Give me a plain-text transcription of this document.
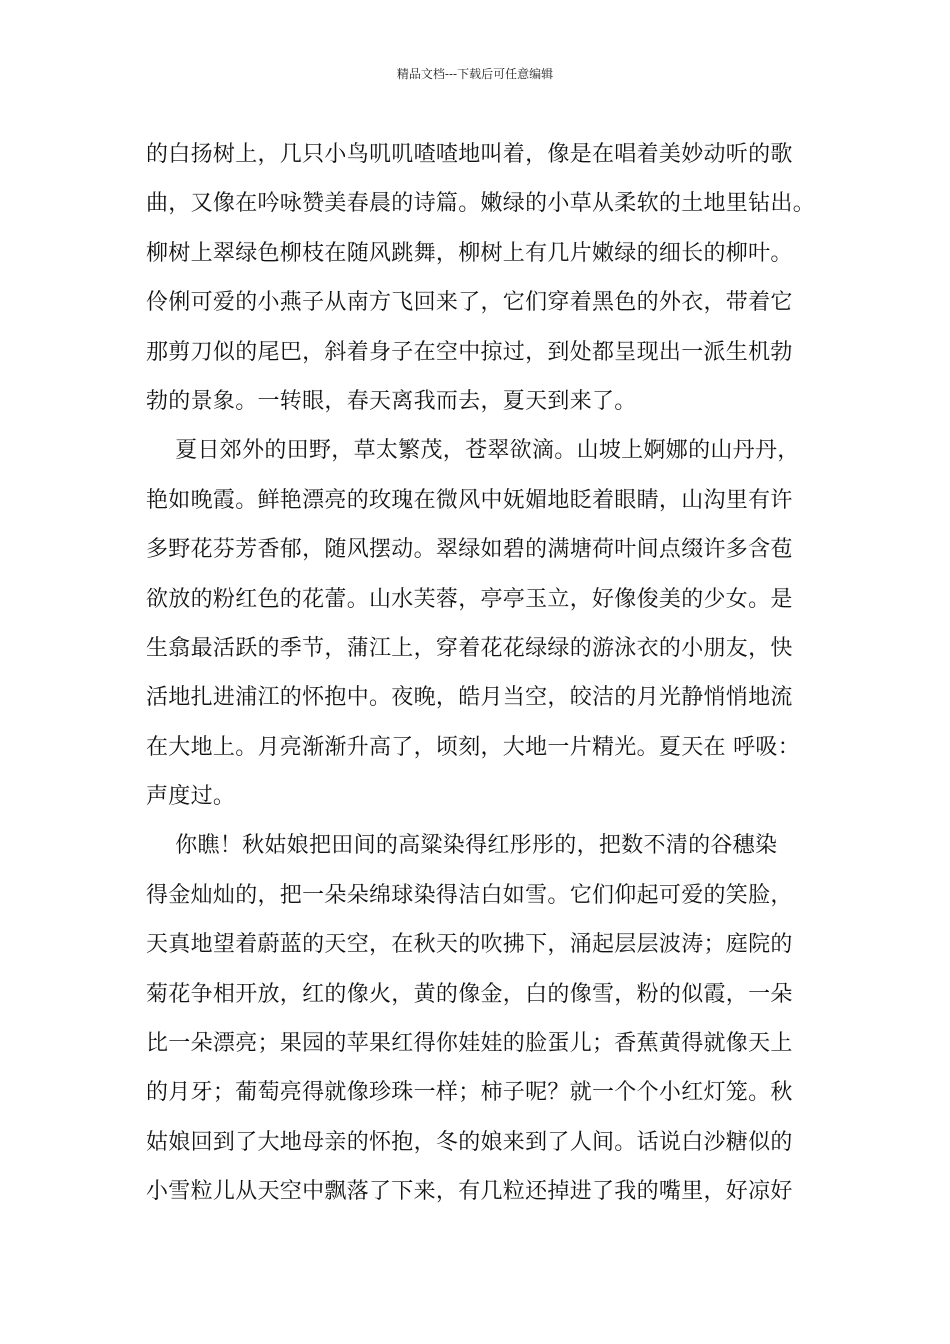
精品文档---下载后可任意编辑
的白扬树上，几只小鸟叽叽喳喳地叫着，像是在唱着美妙动听的歌
曲，又像在吟咏赞美春晨的诗篇。嫩绿的小草从柔软的土地里钻出。
柳树上翠绿色柳枝在随风跳舞，柳树上有几片嫩绿的细长的柳叶。
伶俐可爱的小燕子从南方飞回来了，它们穿着黑色的外衣，带着它
那剪刀似的尾巴，斜着身子在空中掠过，到处都呈现出一派生机勃
勃的景象。一转眼，春天离我而去，夏天到来了。
夏日郊外的田野，草太繁茂，苍翠欲滴。山坡上婀娜的山丹丹，
艳如晚霞。鲜艳漂亮的玫瑰在微风中妩媚地眨着眼睛，山沟里有许
多野花芬芳香郁，随风摆动。翠绿如碧的满塘荷叶间点缀许多含苞
欲放的粉红色的花蕾。山水芙蓉，亭亭玉立，好像俊美的少女。是
生翕最活跃的季节，蒲江上，穿着花花绿绿的游泳衣的小朋友，快
活地扎进浦江的怀抱中。夜晚，皓月当空，皎洁的月光静悄悄地流
在大地上。月亮渐渐升高了，顷刻，大地一片精光。夏天在 呼吸：
声度过。
你瞧！秋姑娘把田间的高粱染得红彤彤的，把数不清的谷穗染
得金灿灿的，把一朵朵绵球染得洁白如雪。它们仰起可爱的笑脸，
天真地望着蔚蓝的天空，在秋天的吹拂下，涌起层层波涛；庭院的
菊花争相开放，红的像火，黄的像金，白的像雪，粉的似霞，一朵
比一朵漂亮；果园的苹果红得你娃娃的脸蛋儿；香蕉黄得就像天上
的月牙；葡萄亮得就像珍珠一样；柿子呢？就一个个小红灯笼。秋
姑娘回到了大地母亲的怀抱，冬的娘来到了人间。话说白沙糖似的
小雪粒儿从天空中飘落了下来，有几粒还掉进了我的嘴里，好凉好
